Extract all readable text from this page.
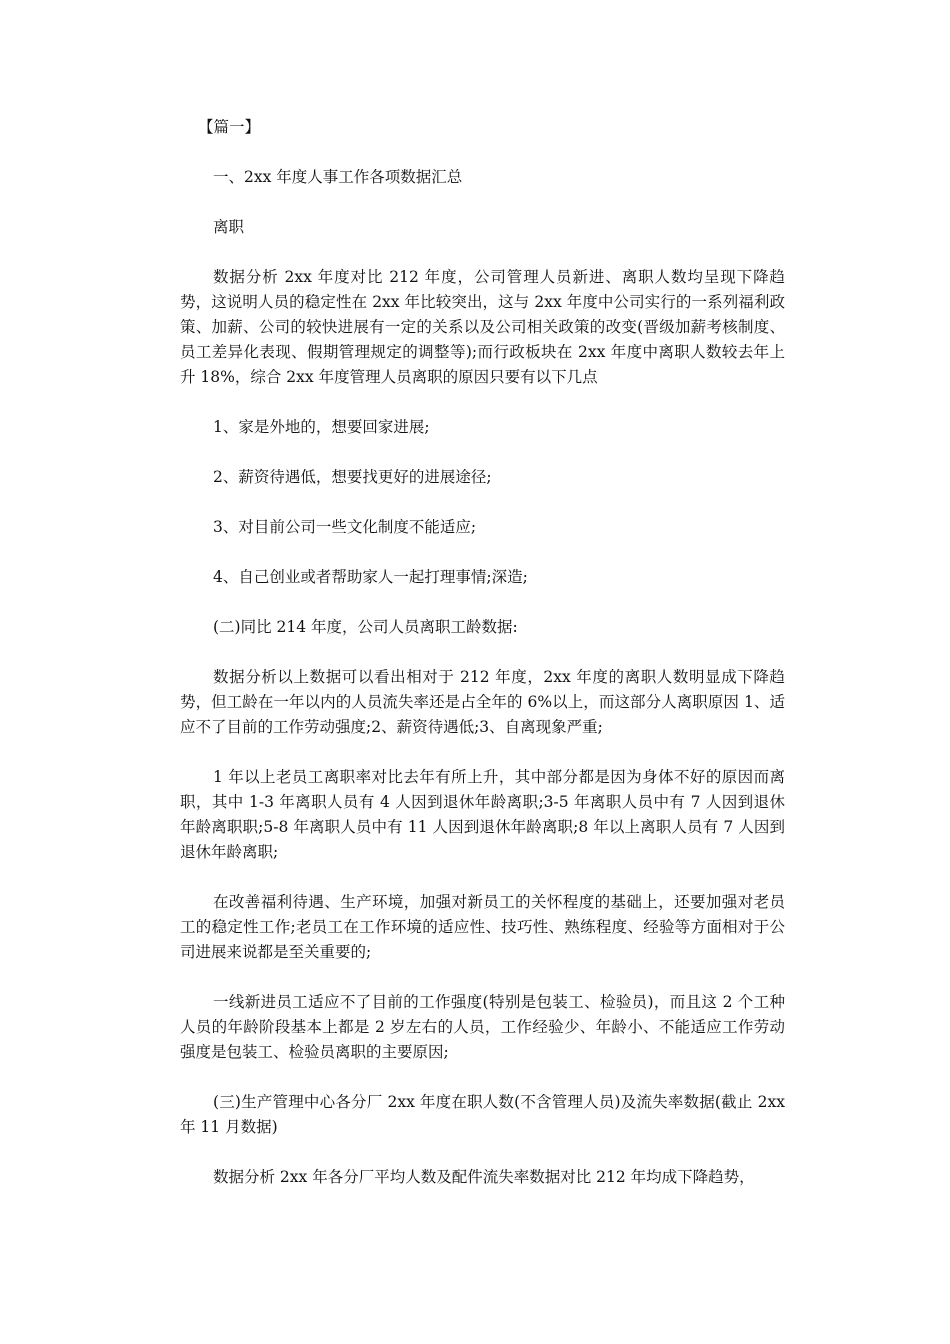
【篇一】

一、2xx 年度人事工作各项数据汇总

离职

数据分析 2xx 年度对比 212 年度，公司管理人员新进、离职人数均呈现下降趋势，这说明人员的稳定性在 2xx 年比较突出，这与 2xx 年度中公司实行的一系列福利政策、加薪、公司的较快进展有一定的关系以及公司相关政策的改变(晋级加薪考核制度、员工差异化表现、假期管理规定的调整等);而行政板块在 2xx 年度中离职人数较去年上升 18%，综合 2xx 年度管理人员离职的原因只要有以下几点

1、家是外地的，想要回家进展;

2、薪资待遇低，想要找更好的进展途径;

3、对目前公司一些文化制度不能适应;

4、自己创业或者帮助家人一起打理事情;深造;

(二)同比 214 年度，公司人员离职工龄数据:

数据分析以上数据可以看出相对于 212 年度，2xx 年度的离职人数明显成下降趋势，但工龄在一年以内的人员流失率还是占全年的 6%以上，而这部分人离职原因 1、适应不了目前的工作劳动强度;2、薪资待遇低;3、自离现象严重;

1 年以上老员工离职率对比去年有所上升，其中部分都是因为身体不好的原因而离职，其中 1-3 年离职人员有 4 人因到退休年龄离职;3-5 年离职人员中有 7 人因到退休年龄离职职;5-8 年离职人员中有 11 人因到退休年龄离职;8 年以上离职人员有 7 人因到退休年龄离职;

在改善福利待遇、生产环境，加强对新员工的关怀程度的基础上，还要加强对老员工的稳定性工作;老员工在工作环境的适应性、技巧性、熟练程度、经验等方面相对于公司进展来说都是至关重要的;

一线新进员工适应不了目前的工作强度(特别是包装工、检验员)，而且这 2 个工种人员的年龄阶段基本上都是 2 岁左右的人员，工作经验少、年龄小、不能适应工作劳动强度是包装工、检验员离职的主要原因;

(三)生产管理中心各分厂 2xx 年度在职人数(不含管理人员)及流失率数据(截止 2xx 年 11 月数据)

数据分析 2xx 年各分厂平均人数及配件流失率数据对比 212 年均成下降趋势，
